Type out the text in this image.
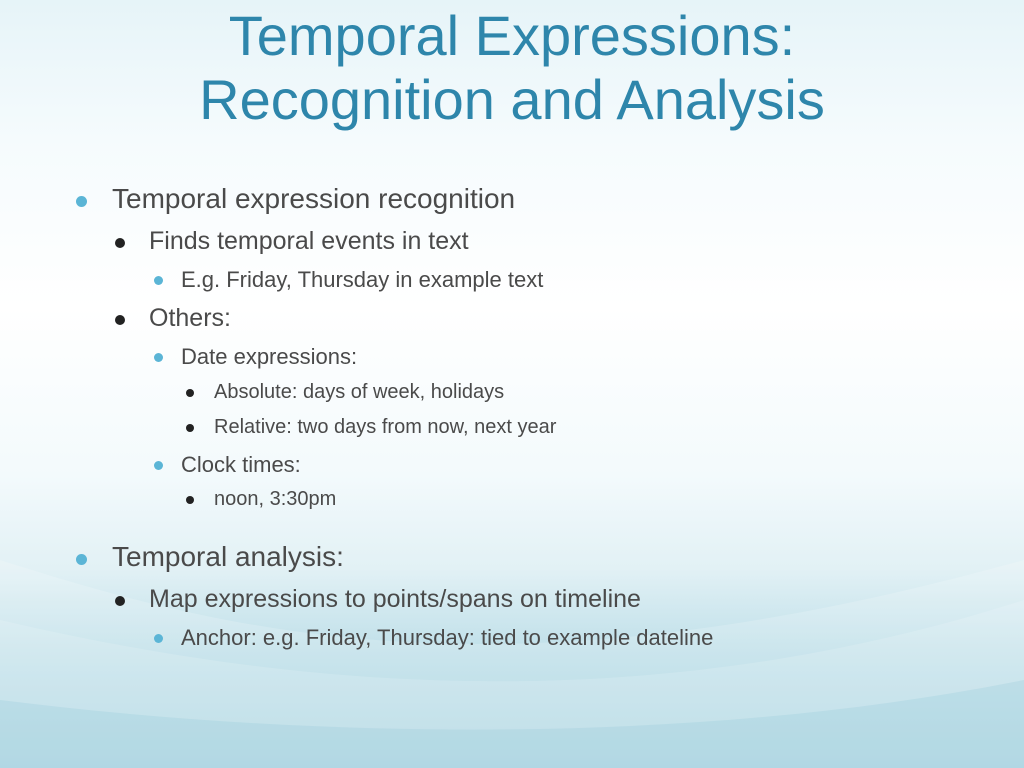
Temporal Expressions:
Recognition and Analysis
Temporal expression recognition
Finds temporal events in text
E.g. Friday, Thursday in example text
Others:
Date expressions:
Absolute: days of week, holidays
Relative: two days from now, next year
Clock times:
noon, 3:30pm
Temporal analysis:
Map expressions to points/spans on timeline
Anchor: e.g. Friday, Thursday: tied to example dateline
